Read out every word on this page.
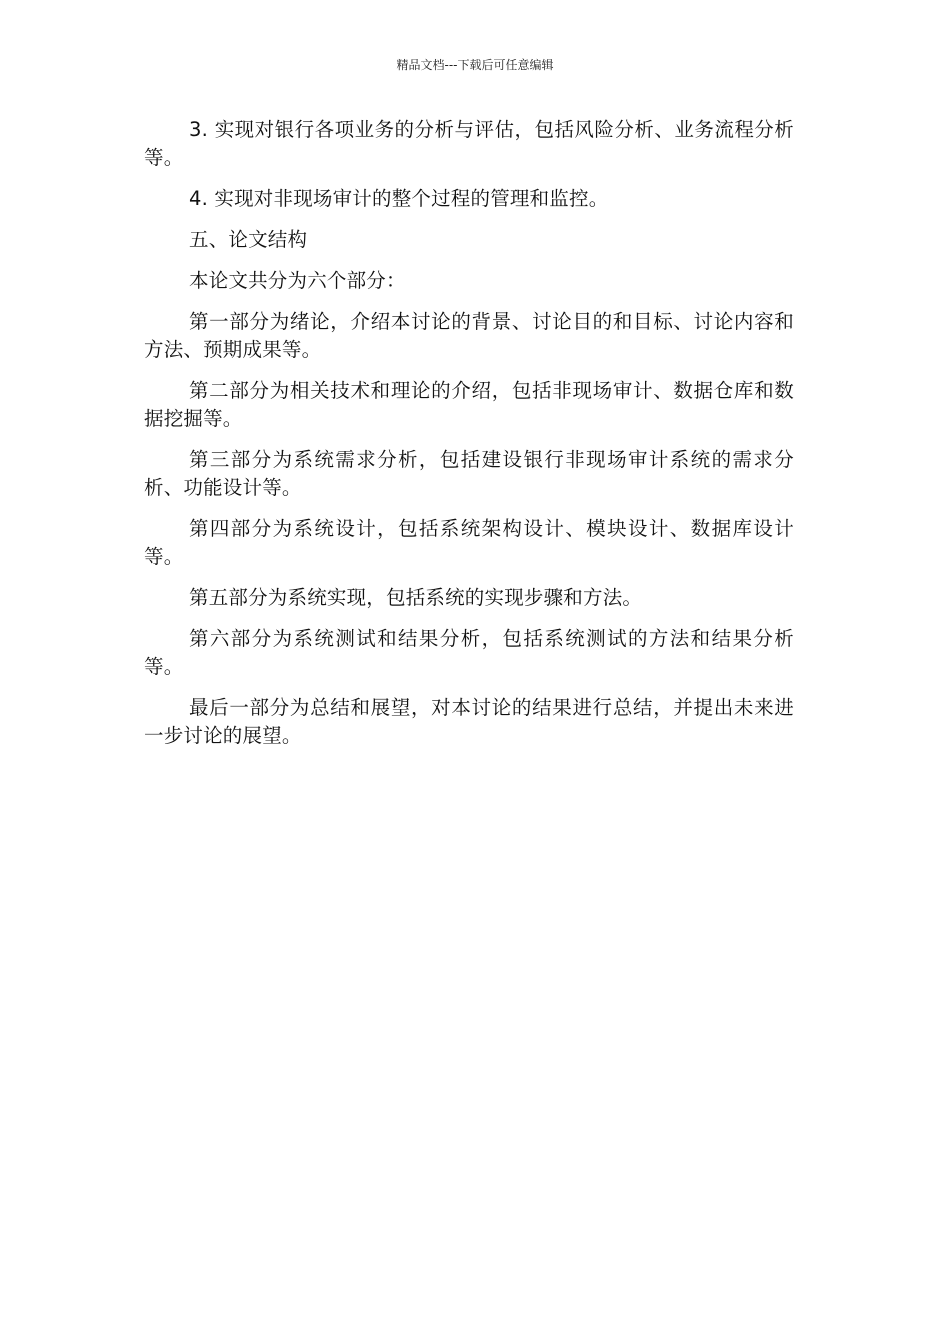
精品文档---下载后可任意编辑

3. 实现对银行各项业务的分析与评估，包括风险分析、业务流程分析等。

4. 实现对非现场审计的整个过程的管理和监控。

五、论文结构

本论文共分为六个部分：

第一部分为绪论，介绍本讨论的背景、讨论目的和目标、讨论内容和方法、预期成果等。

第二部分为相关技术和理论的介绍，包括非现场审计、数据仓库和数据挖掘等。

第三部分为系统需求分析，包括建设银行非现场审计系统的需求分析、功能设计等。

第四部分为系统设计，包括系统架构设计、模块设计、数据库设计等。

第五部分为系统实现，包括系统的实现步骤和方法。

第六部分为系统测试和结果分析，包括系统测试的方法和结果分析等。

最后一部分为总结和展望，对本讨论的结果进行总结，并提出未来进一步讨论的展望。
